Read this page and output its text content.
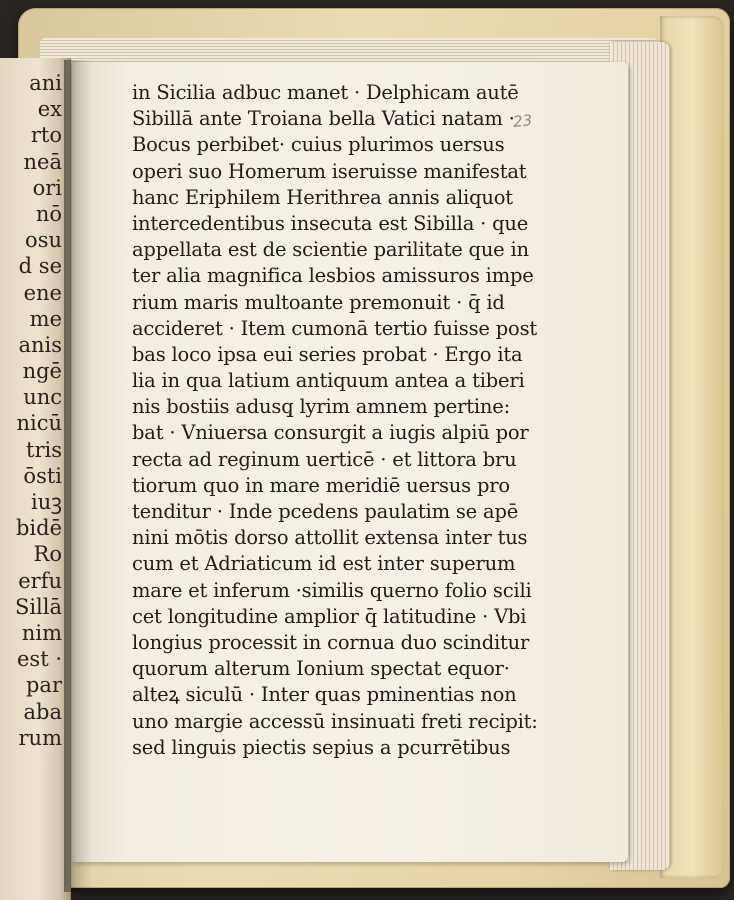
ani
ex
rto
neā
ori
nō
osu
d se
ene
me
anis
ngē
unc
nicū
tris
ōsti
iuꝫ
bidē
Ro
erfu
Sillā
nim
est ·
par
aba
rum
in Sicilia adbuc manet · Delphicam autē
Sibillā ante Troiana bella Vatici natam ·
Bocus perbibet· cuius plurimos uersus
operi suo Homerum iseruisse manifestat
hanc Eriphilem Herithrea annis aliquot
intercedentibus insecuta est Sibilla · que
appellata est de scientie parilitate que in
ter alia magnifica lesbios amissuros impe
rium maris multoante premonuit · q̄ id
accideret · Item cumonā tertio fuisse post
bas loco ipsa eui series probat · Ergo ita
lia in qua latium antiquum antea a tiberi
nis bostiis adusq̧ lyrim amnem pertine:
bat · Vniuersa consurgit a iugis alpiū por
recta ad reginum uerticē · et littora bru
tiorum quo in mare meridiē uersus pro
tenditur · Inde pcedens paulatim se apē
nini mōtis dorso attollit extensa inter tus
cum et Adriaticum id est inter superum
mare et inferum ·similis querno folio scili
cet longitudine amplior q̄ latitudine · Vbi
longius processit in cornua duo scinditur
quorum alterum Ionium spectat equor·
alteꝝ siculū · Inter quas pminentias non
uno margie accessū insinuati freti recipit:
sed linguis piectis sepius a pcurrētibus
23
